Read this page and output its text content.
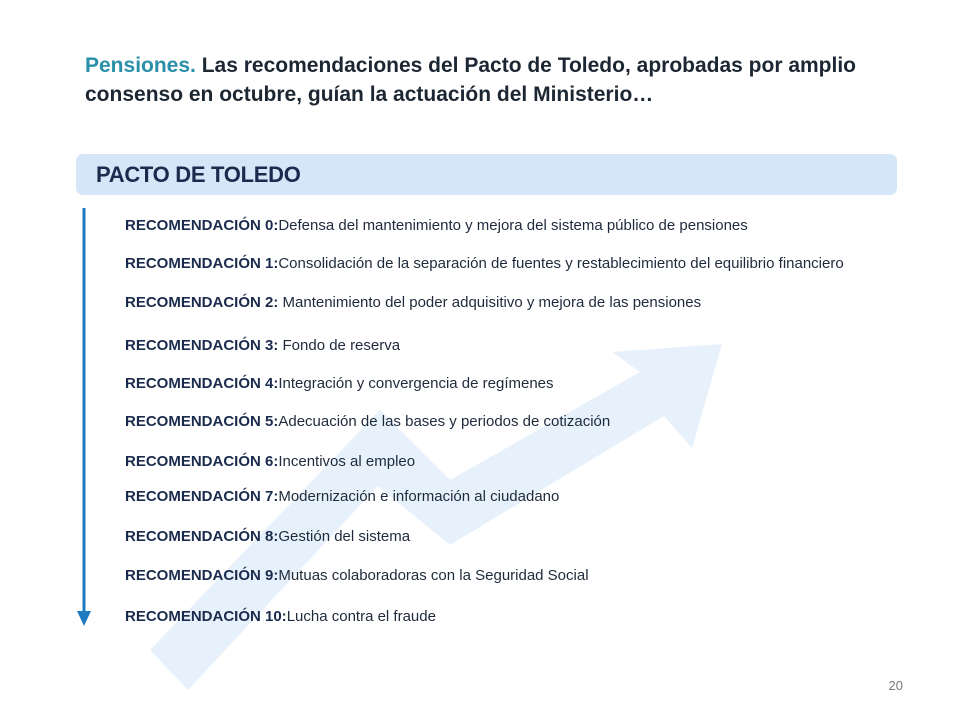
Pensiones. Las recomendaciones del Pacto de Toledo, aprobadas por amplio consenso en octubre, guían la actuación del Ministerio…
PACTO DE TOLEDO
RECOMENDACIÓN 0:Defensa del mantenimiento y mejora del sistema público de pensiones
RECOMENDACIÓN 1:Consolidación de la separación de fuentes y restablecimiento del equilibrio financiero
RECOMENDACIÓN 2: Mantenimiento del poder adquisitivo y mejora de las pensiones
RECOMENDACIÓN 3: Fondo de reserva
RECOMENDACIÓN 4:Integración y convergencia de regímenes
RECOMENDACIÓN 5:Adecuación de las bases y periodos de cotización
RECOMENDACIÓN 6:Incentivos al empleo
RECOMENDACIÓN 7:Modernización e información al ciudadano
RECOMENDACIÓN 8:Gestión del sistema
RECOMENDACIÓN 9:Mutuas colaboradoras con la Seguridad Social
RECOMENDACIÓN 10:Lucha contra el fraude
20
